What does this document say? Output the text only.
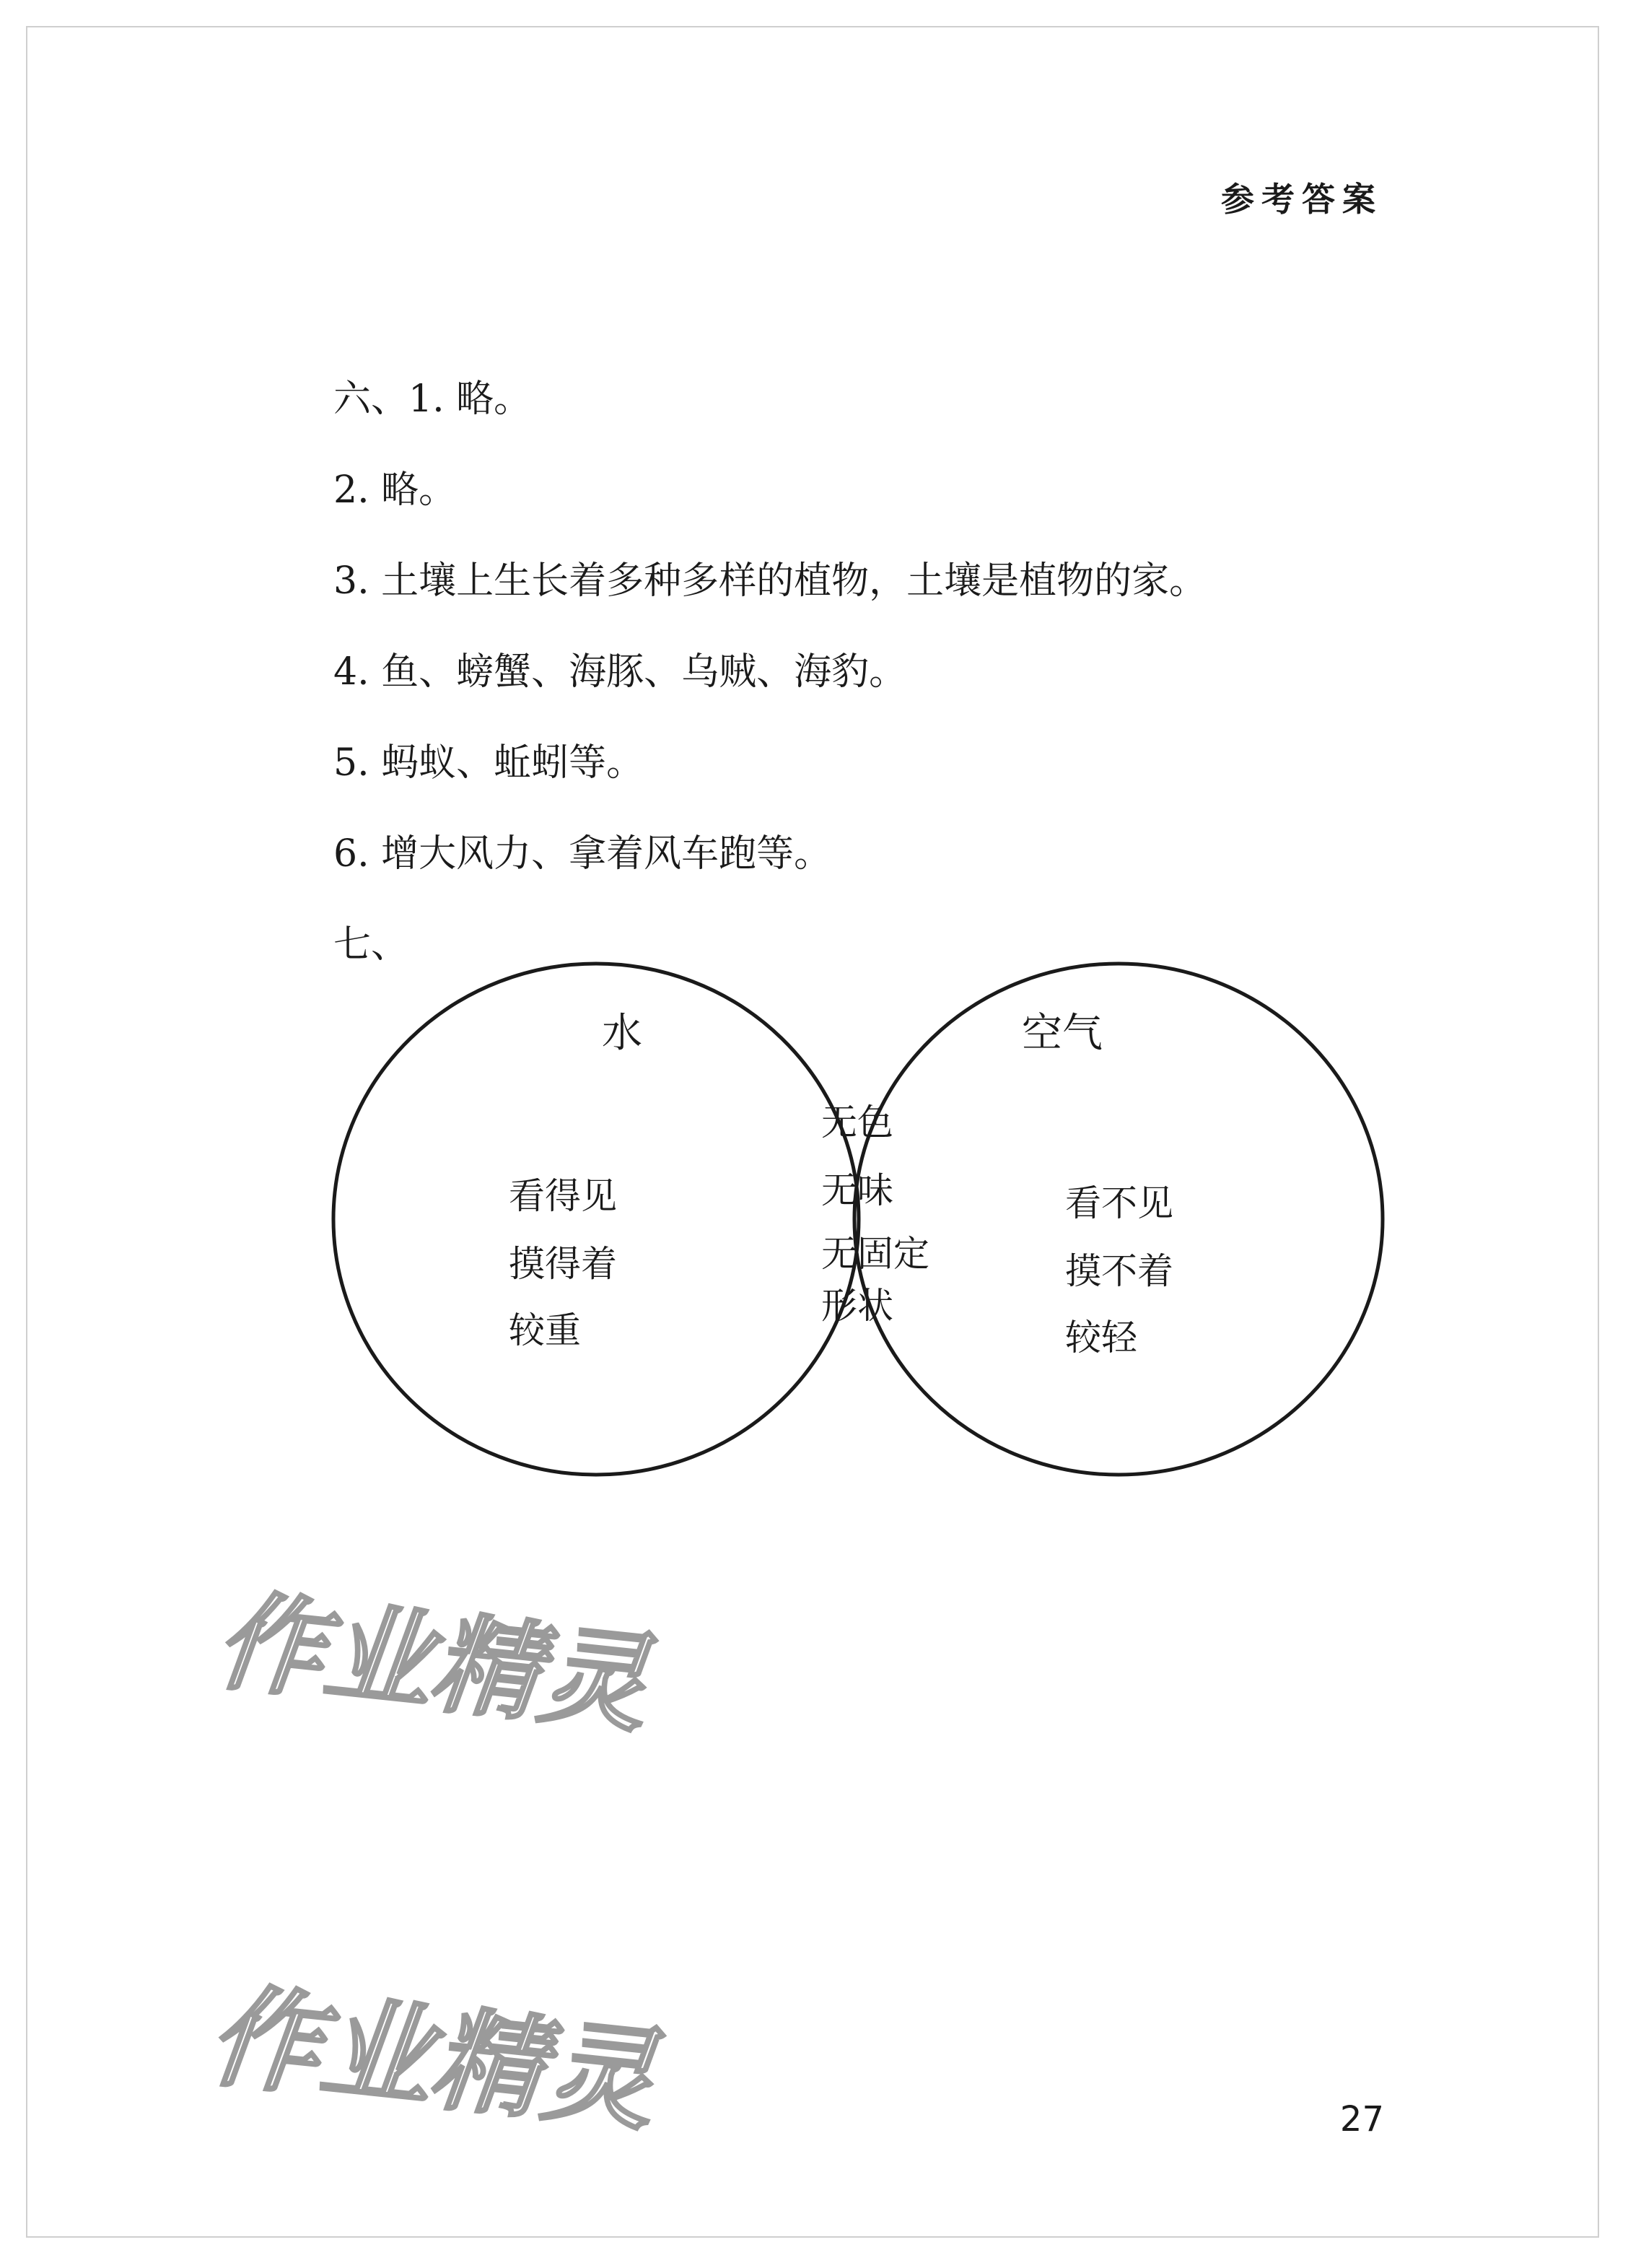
参考答案
六、1. 略。
2. 略。
3. 土壤上生长着多种多样的植物，土壤是植物的家。
4. 鱼、螃蟹、海豚、乌贼、海豹。
5. 蚂蚁、蚯蚓等。
6. 增大风力、拿着风车跑等。
七、
水	空气
看得见
摸得着
较重
无色
无味
无固定
形状
看不见
摸不着
较轻
作业精灵
作业精灵	27
